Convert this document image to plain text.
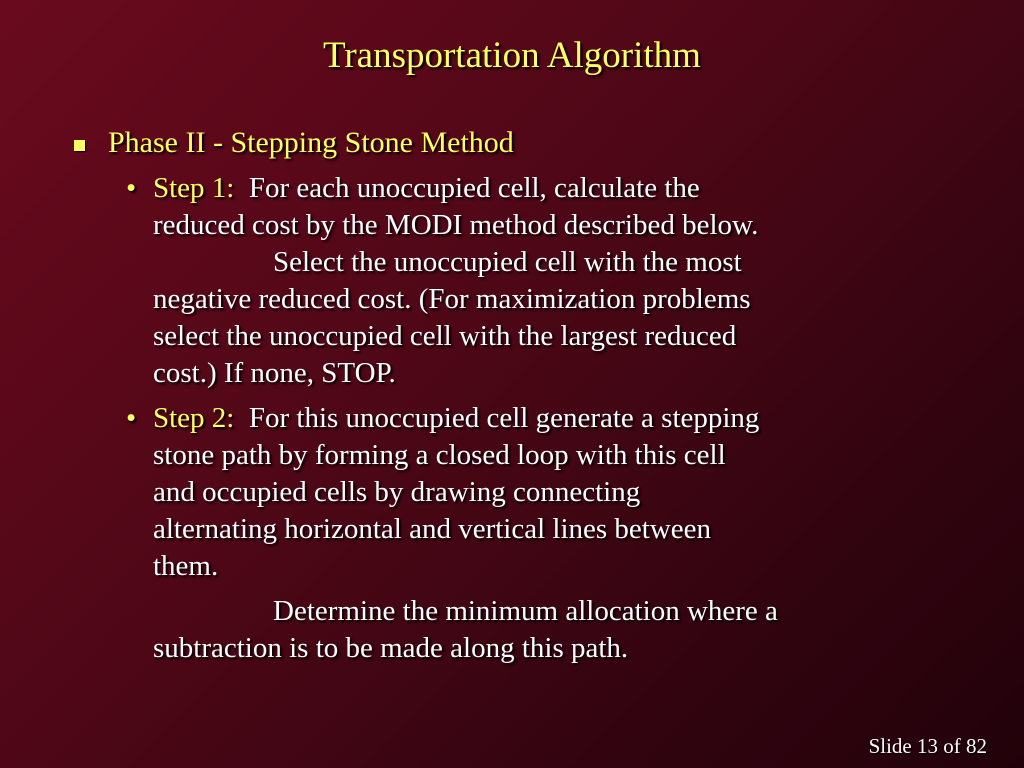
Transportation Algorithm
Phase II - Stepping Stone Method
• Step 1: For each unoccupied cell, calculate the
reduced cost by the MODI method described below.
Select the unoccupied cell with the most
negative reduced cost. (For maximization problems
select the unoccupied cell with the largest reduced
cost.) If none, STOP.
• Step 2: For this unoccupied cell generate a stepping
stone path by forming a closed loop with this cell
and occupied cells by drawing connecting
alternating horizontal and vertical lines between
them.
Determine the minimum allocation where a
subtraction is to be made along this path.
Slide 13 of 82
